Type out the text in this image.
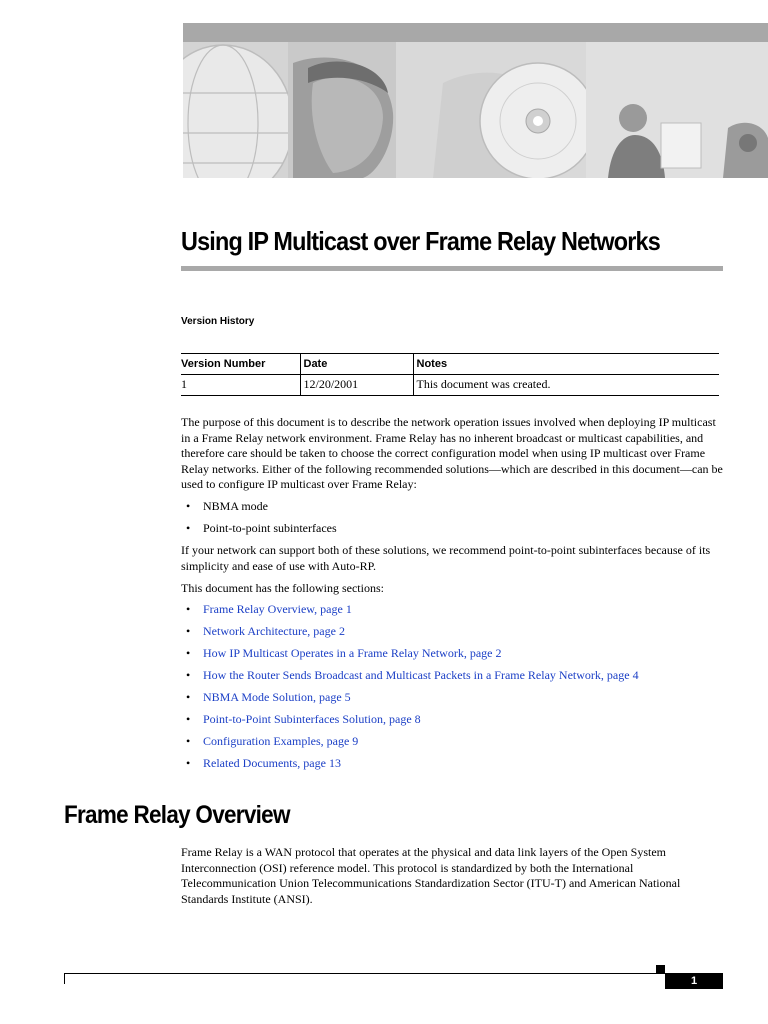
Using IP Multicast over Frame Relay Networks
Version History
Version Number	Date	Notes
1	12/20/2001	This document was created.

The purpose of this document is to describe the network operation issues involved when deploying IP multicast in a Frame Relay network environment. Frame Relay has no inherent broadcast or multicast capabilities, and therefore care should be taken to choose the correct configuration model when using IP multicast over Frame Relay networks. Either of the following recommended solutions—which are described in this document—can be used to configure IP multicast over Frame Relay:

• NBMA mode
• Point-to-point subinterfaces

If your network can support both of these solutions, we recommend point-to-point subinterfaces because of its simplicity and ease of use with Auto-RP.

This document has the following sections:

• Frame Relay Overview, page 1
• Network Architecture, page 2
• How IP Multicast Operates in a Frame Relay Network, page 2
• How the Router Sends Broadcast and Multicast Packets in a Frame Relay Network, page 4
• NBMA Mode Solution, page 5
• Point-to-Point Subinterfaces Solution, page 8
• Configuration Examples, page 9
• Related Documents, page 13
Frame Relay Overview

Frame Relay is a WAN protocol that operates at the physical and data link layers of the Open System Interconnection (OSI) reference model. This protocol is standardized by both the International Telecommunication Union Telecommunications Standardization Sector (ITU-T) and American National Standards Institute (ANSI).

1
